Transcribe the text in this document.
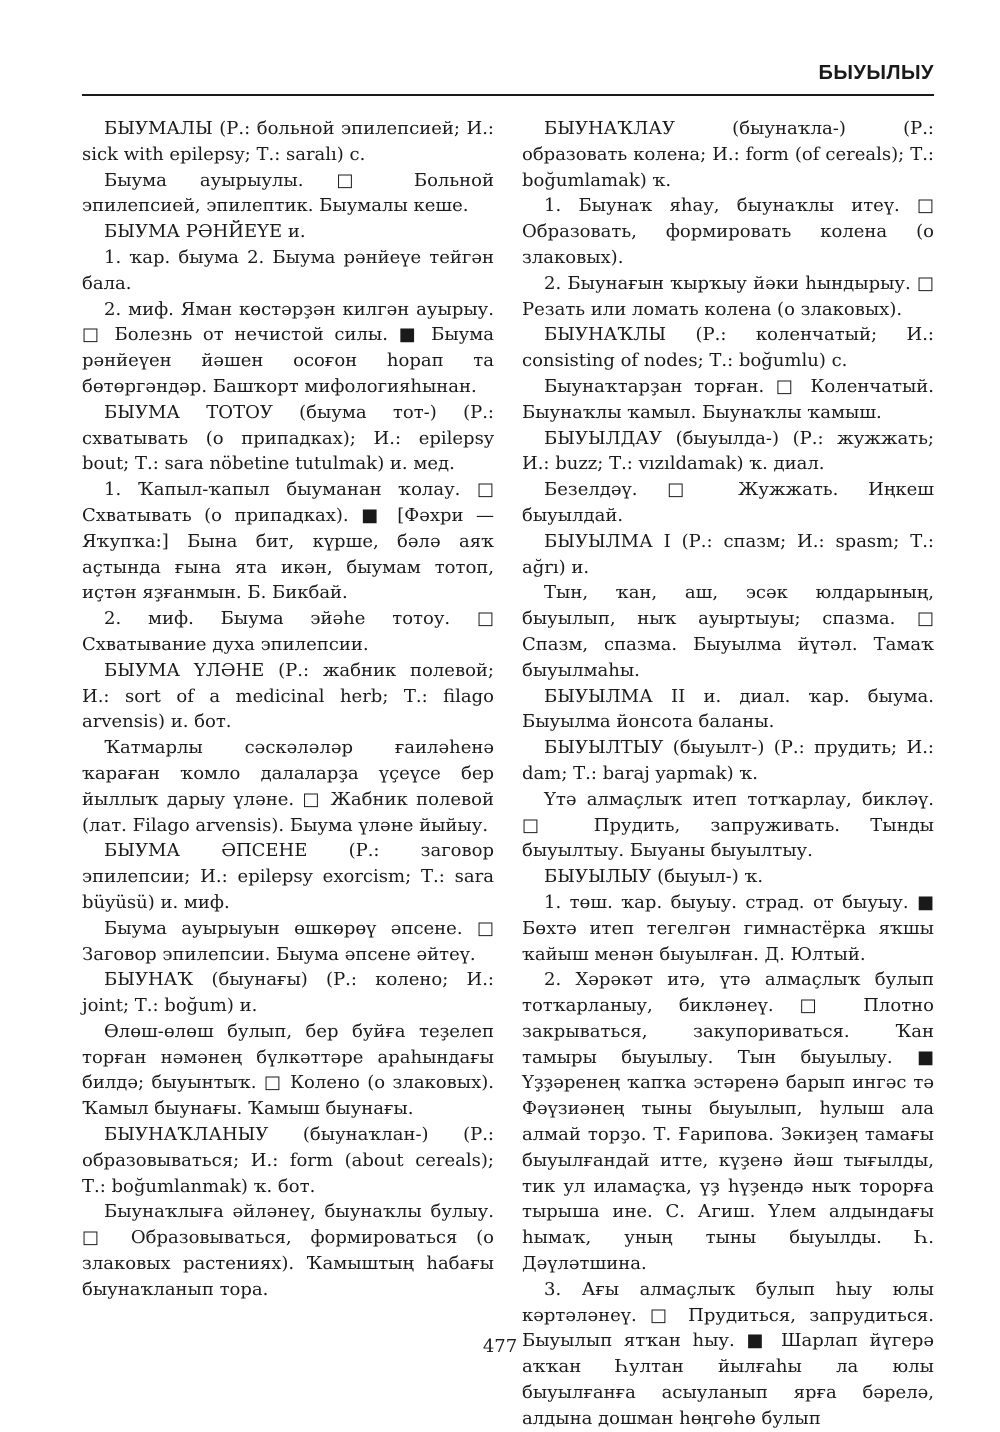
БЫУЫЛЫУ

БЫУМАЛЫ (Р.: больной эпилепсией; И.: sick with epilepsy; Т.: saralı) с.

Быума ауырыулы. □ Больной эпилепсией, эпилептик. Быумалы кеше.

БЫУМА РӘНЙЕҮЕ и.

1. ҡар. быума 2. Быума рәнйеүе тейгән бала.

2. миф. Яман көстәрҙән килгән ауырыу. □ Болезнь от нечистой силы. ■ Быума рәнйеүен йәшен осоғон һорап та бөтөргәндәр. Башҡорт мифологияһынан.

БЫУМА ТОТОУ (быума тот-) (Р.: схватывать (о припадках); И.: epilepsy bout; Т.: sara nöbetine tutulmak) и. мед.

1. Ҡапыл-ҡапыл быуманан ҡолау. □ Схватывать (о припадках). ■ [Фәхри — Яҡупҡа:] Бына бит, күрше, бәлә аяҡ аҫтында ғына ята икән, быумам тотоп, иҫтән яҙғанмын. Б. Бикбай.

2. миф. Быума эйәһе тотоу. □ Схватывание духа эпилепсии.

БЫУМА ҮЛӘНЕ (Р.: жабник полевой; И.: sort of a medicinal herb; Т.: filago arvensis) и. бот.

Ҡатмарлы сәскәләләр ғаиләһенә ҡараған ҡомло далаларҙа үҫеүсе бер йыллыҡ дарыу үләне. □ Жабник полевой (лат. Filago arvensis). Быума үләне йыйыу.

БЫУМА ӘПСЕНЕ (Р.: заговор эпилепсии; И.: epilepsy exorcism; Т.: sara büyüsü) и. миф.

Быума ауырыуын өшкөрөү әпсене. □ Заговор эпилепсии. Быума әпсене әйтеү.

БЫУНАҠ (быунағы) (Р.: колено; И.: joint; Т.: boğum) и.

Өлөш-өлөш булып, бер буйға теҙелеп торған нәмәнең бүлкәттәре араһындағы билдә; быуынтыҡ. □ Колено (о злаковых). Ҡамыл быунағы. Ҡамыш быунағы.

БЫУНАҠЛАНЫУ (быунаҡлан-) (Р.: образовываться; И.: form (about cereals); Т.: boğumlanmak) ҡ. бот.

Быунаҡлыға әйләнеү, быунаҡлы булыу. □ Образовываться, формироваться (о злаковых растениях). Ҡамыштың һабағы быунаҡланып тора.

БЫУНАҠЛАУ (быунаҡла-) (Р.: образовать колена; И.: form (of cereals); Т.: boğumlamak) ҡ.

1. Быунаҡ яһау, быунаҡлы итеү. □ Образовать, формировать колена (о злаковых).

2. Быунағын ҡырҡыу йәки һындырыу. □ Резать или ломать колена (о злаковых).

БЫУНАҠЛЫ (Р.: коленчатый; И.: consisting of nodes; Т.: boğumlu) с.

Быунаҡтарҙан торған. □ Коленчатый. Быунаҡлы ҡамыл. Быунаҡлы ҡамыш.

БЫУЫЛДАУ (быуылда-) (Р.: жужжать; И.: buzz; Т.: vızıldamak) ҡ. диал.

Безелдәү. □ Жужжать. Иңкеш быуылдай.

БЫУЫЛМА I (Р.: спазм; И.: spasm; Т.: ağrı) и.

Тын, ҡан, аш, эсәк юлдарының, быуылып, ныҡ ауыртыуы; спазма. □ Спазм, спазма. Быуылма йүтәл. Тамаҡ быуылмаһы.

БЫУЫЛМА II и. диал. ҡар. быума. Быуылма йонсота баланы.

БЫУЫЛТЫУ (быуылт-) (Р.: прудить; И.: dam; Т.: baraj yapmak) ҡ.

Үтә алмаҫлыҡ итеп тотҡарлау, бикләү. □ Прудить, запруживать. Тынды быуылтыу. Быуаны быуылтыу.

БЫУЫЛЫУ (быуыл-) ҡ.

1. төш. ҡар. быуыу. страд. от быуыу. ■ Бөхтә итеп тегелгән гимнастёрка яҡшы ҡайыш менән быуылған. Д. Юлтый.

2. Хәрәкәт итә, үтә алмаҫлыҡ булып тотҡарланыу, бикләнеү. □ Плотно закрываться, закупориваться. Ҡан тамыры быуылыу. Тын быуылыу. ■ Үҙҙәренең ҡапҡа эстәренә барып ингәс тә Фәүзиәнең тыны быуылып, һулыш ала алмай торҙо. Т. Ғарипова. Зәкиҙең тамағы быуылғандай итте, күҙенә йәш тығылды, тик ул иламаҫҡа, үҙ һүҙендә ныҡ торорға тырыша ине. С. Агиш. Үлем алдындағы һымаҡ, уның тыны быуылды. Һ. Дәүләтшина.

3. Ағы алмаҫлыҡ булып һыу юлы кәртәләнеү. □ Прудиться, запрудиться. Быуылып ятҡан һыу. ■ Шарлап йүгерә аҡҡан Һултан йылғаһы ла юлы быуылғанға асыуланып ярға бәрелә, алдына дошман һөңгөһө булып

477
